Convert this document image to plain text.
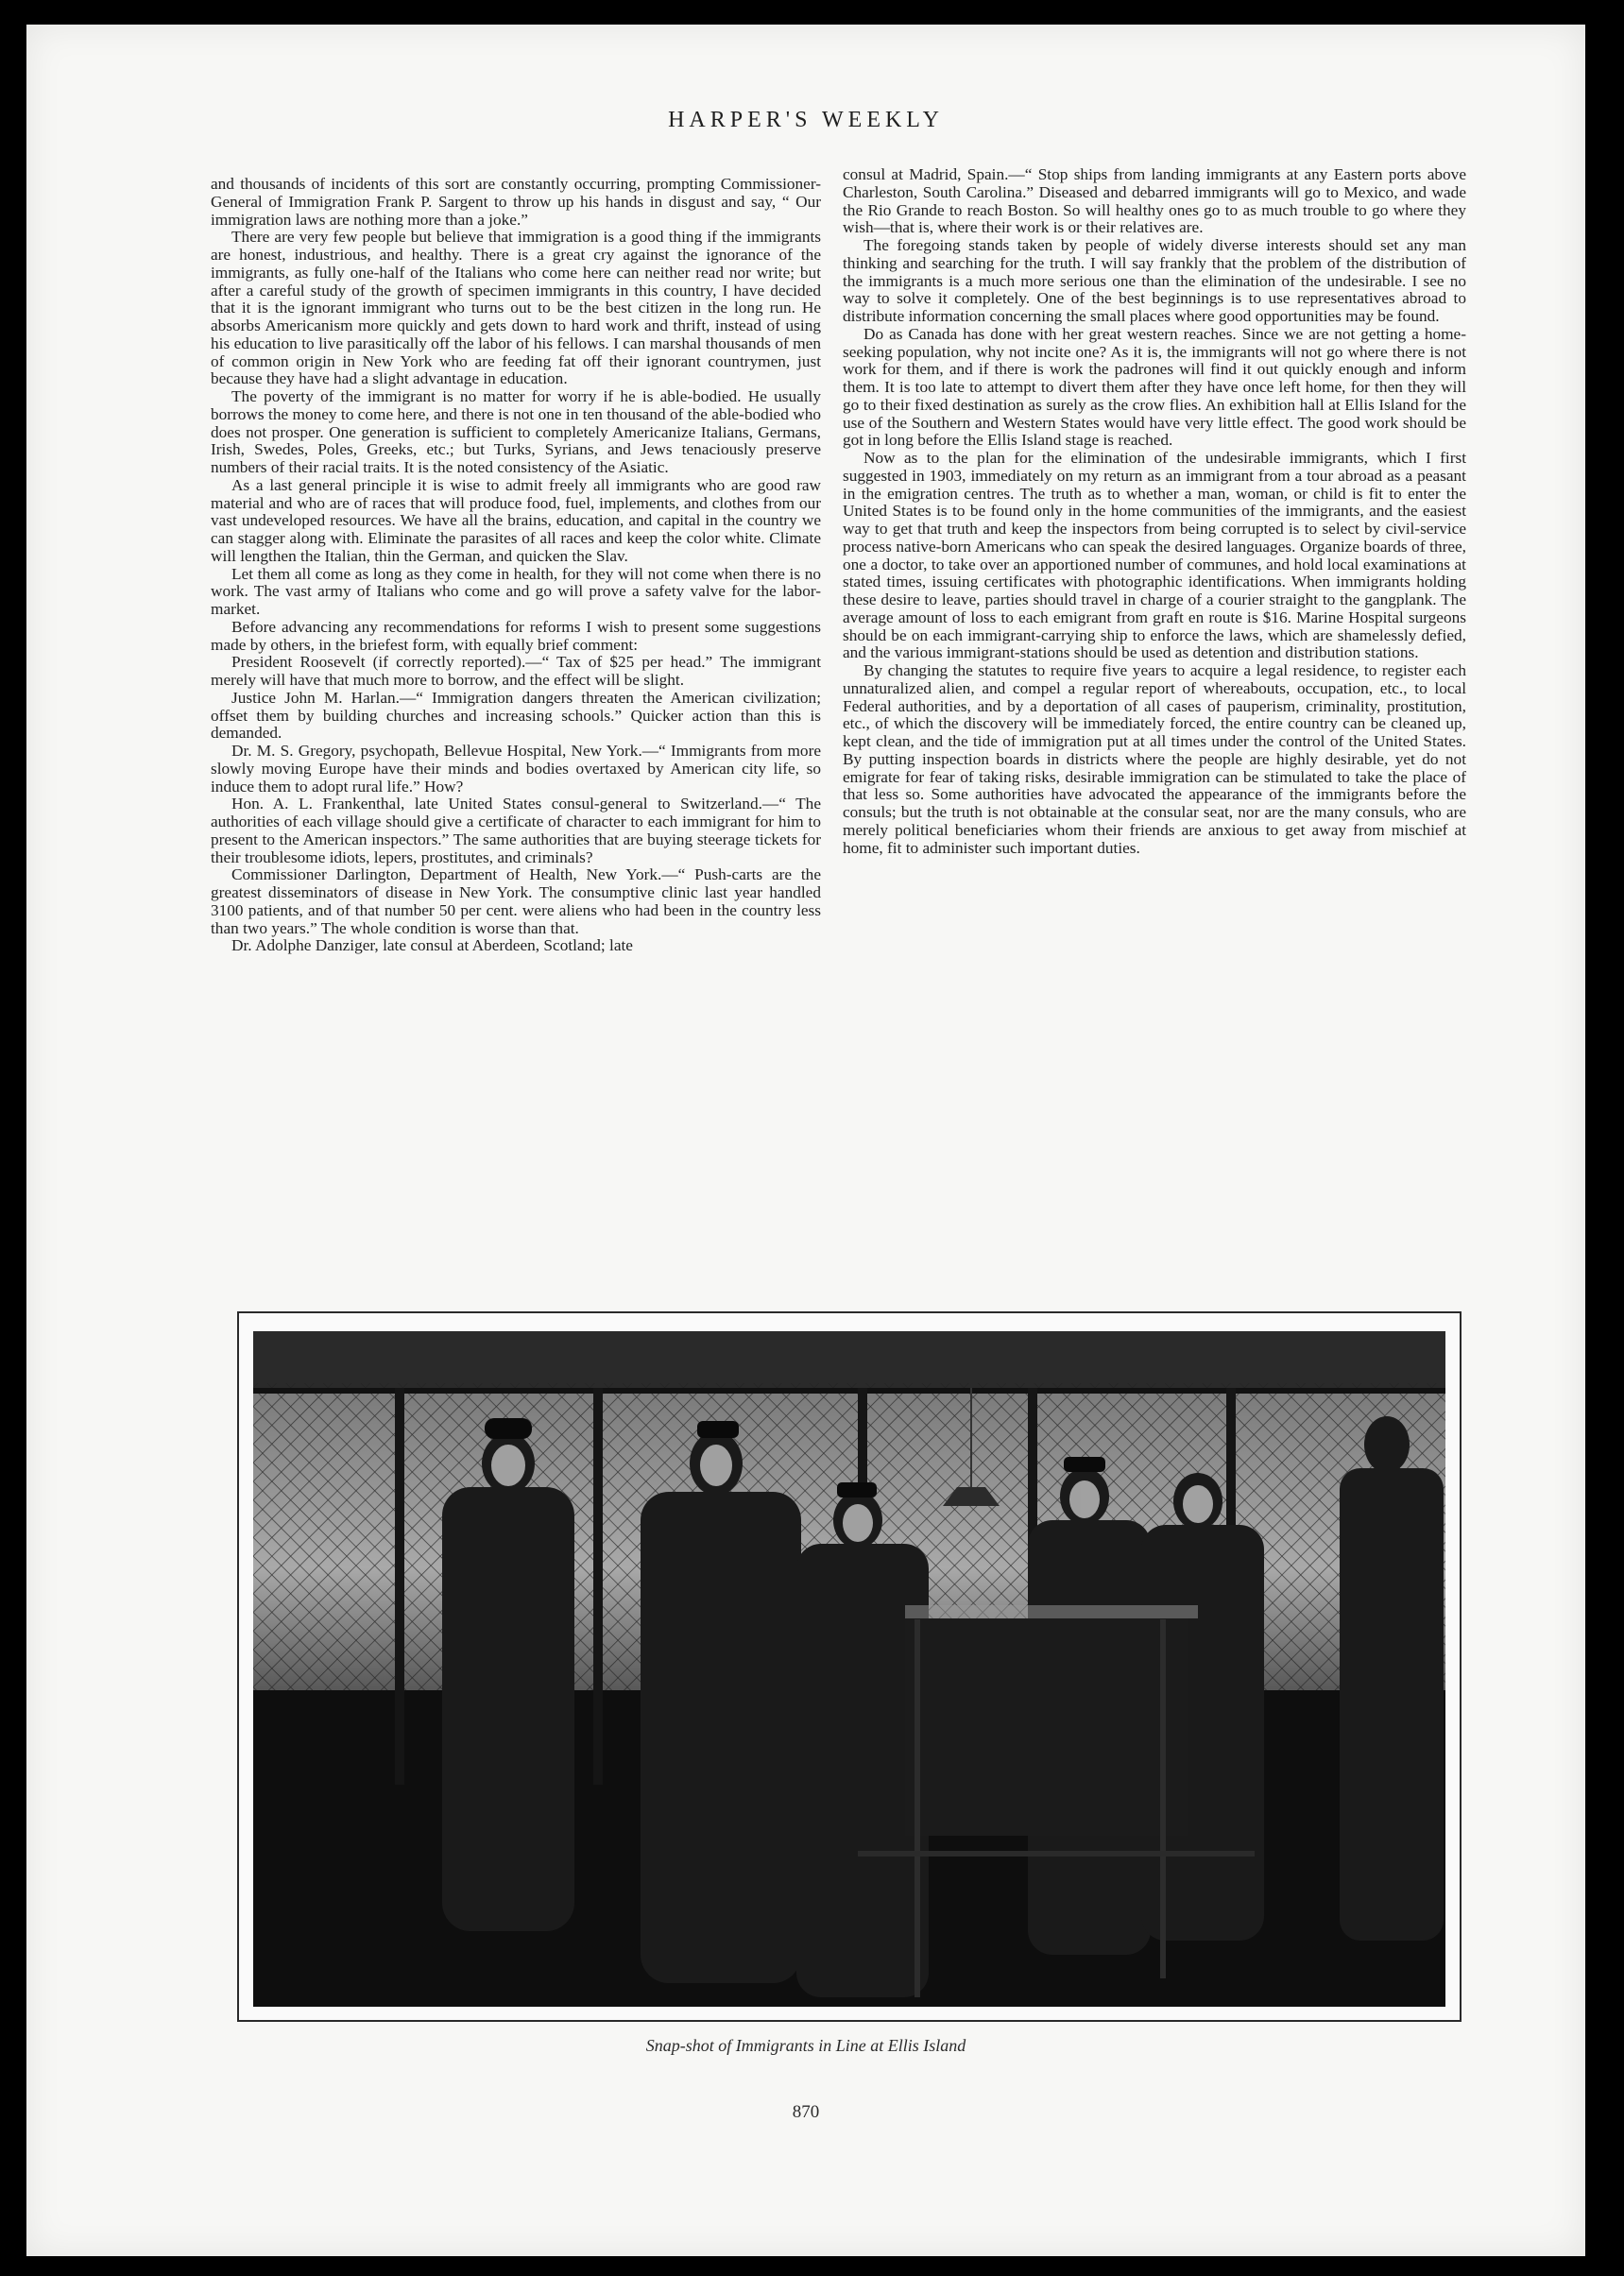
HARPER'S WEEKLY

and thousands of incidents of this sort are constantly occurring, prompting Commissioner-General of Immigration Frank P. Sargent to throw up his hands in disgust and say, “ Our immigration laws are nothing more than a joke.”

There are very few people but believe that immigration is a good thing if the immigrants are honest, industrious, and healthy. There is a great cry against the ignorance of the immigrants, as fully one-half of the Italians who come here can neither read nor write; but after a careful study of the growth of specimen immigrants in this country, I have decided that it is the ignorant immigrant who turns out to be the best citizen in the long run. He absorbs Americanism more quickly and gets down to hard work and thrift, instead of using his education to live parasitically off the labor of his fellows. I can marshal thousands of men of common origin in New York who are feeding fat off their ignorant countrymen, just because they have had a slight advantage in education.

The poverty of the immigrant is no matter for worry if he is able-bodied. He usually borrows the money to come here, and there is not one in ten thousand of the able-bodied who does not prosper. One generation is sufficient to completely Americanize Italians, Germans, Irish, Swedes, Poles, Greeks, etc.; but Turks, Syrians, and Jews tenaciously preserve numbers of their racial traits. It is the noted consistency of the Asiatic.

As a last general principle it is wise to admit freely all immigrants who are good raw material and who are of races that will produce food, fuel, implements, and clothes from our vast undeveloped resources. We have all the brains, education, and capital in the country we can stagger along with. Eliminate the parasites of all races and keep the color white. Climate will lengthen the Italian, thin the German, and quicken the Slav.

Let them all come as long as they come in health, for they will not come when there is no work. The vast army of Italians who come and go will prove a safety valve for the labor-market.

Before advancing any recommendations for reforms I wish to present some suggestions made by others, in the briefest form, with equally brief comment:

President Roosevelt (if correctly reported).—“ Tax of $25 per head.” The immigrant merely will have that much more to borrow, and the effect will be slight.

Justice John M. Harlan.—“ Immigration dangers threaten the American civilization; offset them by building churches and increasing schools.” Quicker action than this is demanded.

Dr. M. S. Gregory, psychopath, Bellevue Hospital, New York.—“ Immigrants from more slowly moving Europe have their minds and bodies overtaxed by American city life, so induce them to adopt rural life.” How?

Hon. A. L. Frankenthal, late United States consul-general to Switzerland.—“ The authorities of each village should give a certificate of character to each immigrant for him to present to the American inspectors.” The same authorities that are buying steerage tickets for their troublesome idiots, lepers, prostitutes, and criminals?

Commissioner Darlington, Department of Health, New York.—“ Push-carts are the greatest disseminators of disease in New York. The consumptive clinic last year handled 3100 patients, and of that number 50 per cent. were aliens who had been in the country less than two years.” The whole condition is worse than that.

Dr. Adolphe Danziger, late consul at Aberdeen, Scotland; late

consul at Madrid, Spain.—“ Stop ships from landing immigrants at any Eastern ports above Charleston, South Carolina.” Diseased and debarred immigrants will go to Mexico, and wade the Rio Grande to reach Boston. So will healthy ones go to as much trouble to go where they wish—that is, where their work is or their relatives are.

The foregoing stands taken by people of widely diverse interests should set any man thinking and searching for the truth. I will say frankly that the problem of the distribution of the immigrants is a much more serious one than the elimination of the undesirable. I see no way to solve it completely. One of the best beginnings is to use representatives abroad to distribute information concerning the small places where good opportunities may be found.

Do as Canada has done with her great western reaches. Since we are not getting a home-seeking population, why not incite one? As it is, the immigrants will not go where there is not work for them, and if there is work the padrones will find it out quickly enough and inform them. It is too late to attempt to divert them after they have once left home, for then they will go to their fixed destination as surely as the crow flies. An exhibition hall at Ellis Island for the use of the Southern and Western States would have very little effect. The good work should be got in long before the Ellis Island stage is reached.

Now as to the plan for the elimination of the undesirable immigrants, which I first suggested in 1903, immediately on my return as an immigrant from a tour abroad as a peasant in the emigration centres. The truth as to whether a man, woman, or child is fit to enter the United States is to be found only in the home communities of the immigrants, and the easiest way to get that truth and keep the inspectors from being corrupted is to select by civil-service process native-born Americans who can speak the desired languages. Organize boards of three, one a doctor, to take over an apportioned number of communes, and hold local examinations at stated times, issuing certificates with photographic identifications. When immigrants holding these desire to leave, parties should travel in charge of a courier straight to the gangplank. The average amount of loss to each emigrant from graft en route is $16. Marine Hospital surgeons should be on each immigrant-carrying ship to enforce the laws, which are shamelessly defied, and the various immigrant-stations should be used as detention and distribution stations.

By changing the statutes to require five years to acquire a legal residence, to register each unnaturalized alien, and compel a regular report of whereabouts, occupation, etc., to local Federal authorities, and by a deportation of all cases of pauperism, criminality, prostitution, etc., of which the discovery will be immediately forced, the entire country can be cleaned up, kept clean, and the tide of immigration put at all times under the control of the United States. By putting inspection boards in districts where the people are highly desirable, yet do not emigrate for fear of taking risks, desirable immigration can be stimulated to take the place of that less so. Some authorities have advocated the appearance of the immigrants before the consuls; but the truth is not obtainable at the consular seat, nor are the many consuls, who are merely political beneficiaries whom their friends are anxious to get away from mischief at home, fit to administer such important duties.

Snap-shot of Immigrants in Line at Ellis Island
870
